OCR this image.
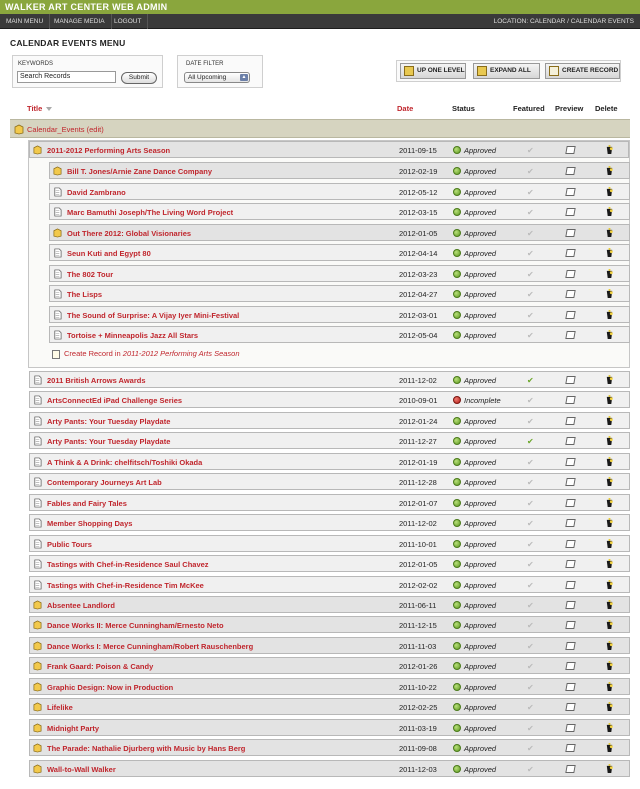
WALKER ART CENTER WEB ADMIN
MAIN MENU	MANAGE MEDIA	LOGOUT	LOCATION: CALENDAR / CALENDAR EVENTS
CALENDAR EVENTS MENU
KEYWORDS
Search Records	Submit
DATE FILTER
All Upcoming	▲
UP ONE LEVEL	EXPAND ALL	CREATE RECORD
Title	Date	Status	Featured Preview Delete
Calendar_Events (edit)
2011-2012 Performing Arts Season	2011-09-15	Approved	✔
Bill T. Jones/Arnie Zane Dance Company	2012-02-19	Approved	✔
David Zambrano	2012-05-12	Approved	✔
Marc Bamuthi Joseph/The Living Word Project	2012-03-15	Approved	✔
Out There 2012: Global Visionaries	2012-01-05	Approved	✔
Seun Kuti and Egypt 80	2012-04-14	Approved	✔
The 802 Tour	2012-03-23	Approved	✔
The Lisps	2012-04-27	Approved	✔
The Sound of Surprise: A Vijay Iyer Mini-Festival	2012-03-01	Approved	✔
Tortoise + Minneapolis Jazz All Stars	2012-05-04	Approved	✔
2011 British Arrows Awards	2011-12-02	Approved	✔
ArtsConnectEd iPad Challenge Series	2010-09-01	Incomplete	✔
Arty Pants: Your Tuesday Playdate	2012-01-24	Approved	✔
Arty Pants: Your Tuesday Playdate	2011-12-27	Approved	✔
A Think & A Drink: chelfitsch/Toshiki Okada	2012-01-19	Approved	✔
Contemporary Journeys Art Lab	2011-12-28	Approved	✔
Fables and Fairy Tales	2012-01-07	Approved	✔
Member Shopping Days	2011-12-02	Approved	✔
Public Tours	2011-10-01	Approved	✔
Tastings with Chef-in-Residence Saul Chavez	2012-01-05	Approved	✔
Tastings with Chef-in-Residence Tim McKee	2012-02-02	Approved	✔
Absentee Landlord	2011-06-11	Approved	✔
Dance Works II: Merce Cunningham/Ernesto Neto	2011-12-15	Approved	✔
Dance Works I: Merce Cunningham/Robert Rauschenberg	2011-11-03	Approved	✔
Frank Gaard: Poison & Candy	2012-01-26	Approved	✔
Graphic Design: Now in Production	2011-10-22	Approved	✔
Lifelike	2012-02-25	Approved	✔
Midnight Party	2011-03-19	Approved	✔
The Parade: Nathalie Djurberg with Music by Hans Berg	2011-09-08	Approved	✔
Wall-to-Wall Walker	2011-12-03	Approved	✔
Create Record in 2011-2012 Performing Arts Season
